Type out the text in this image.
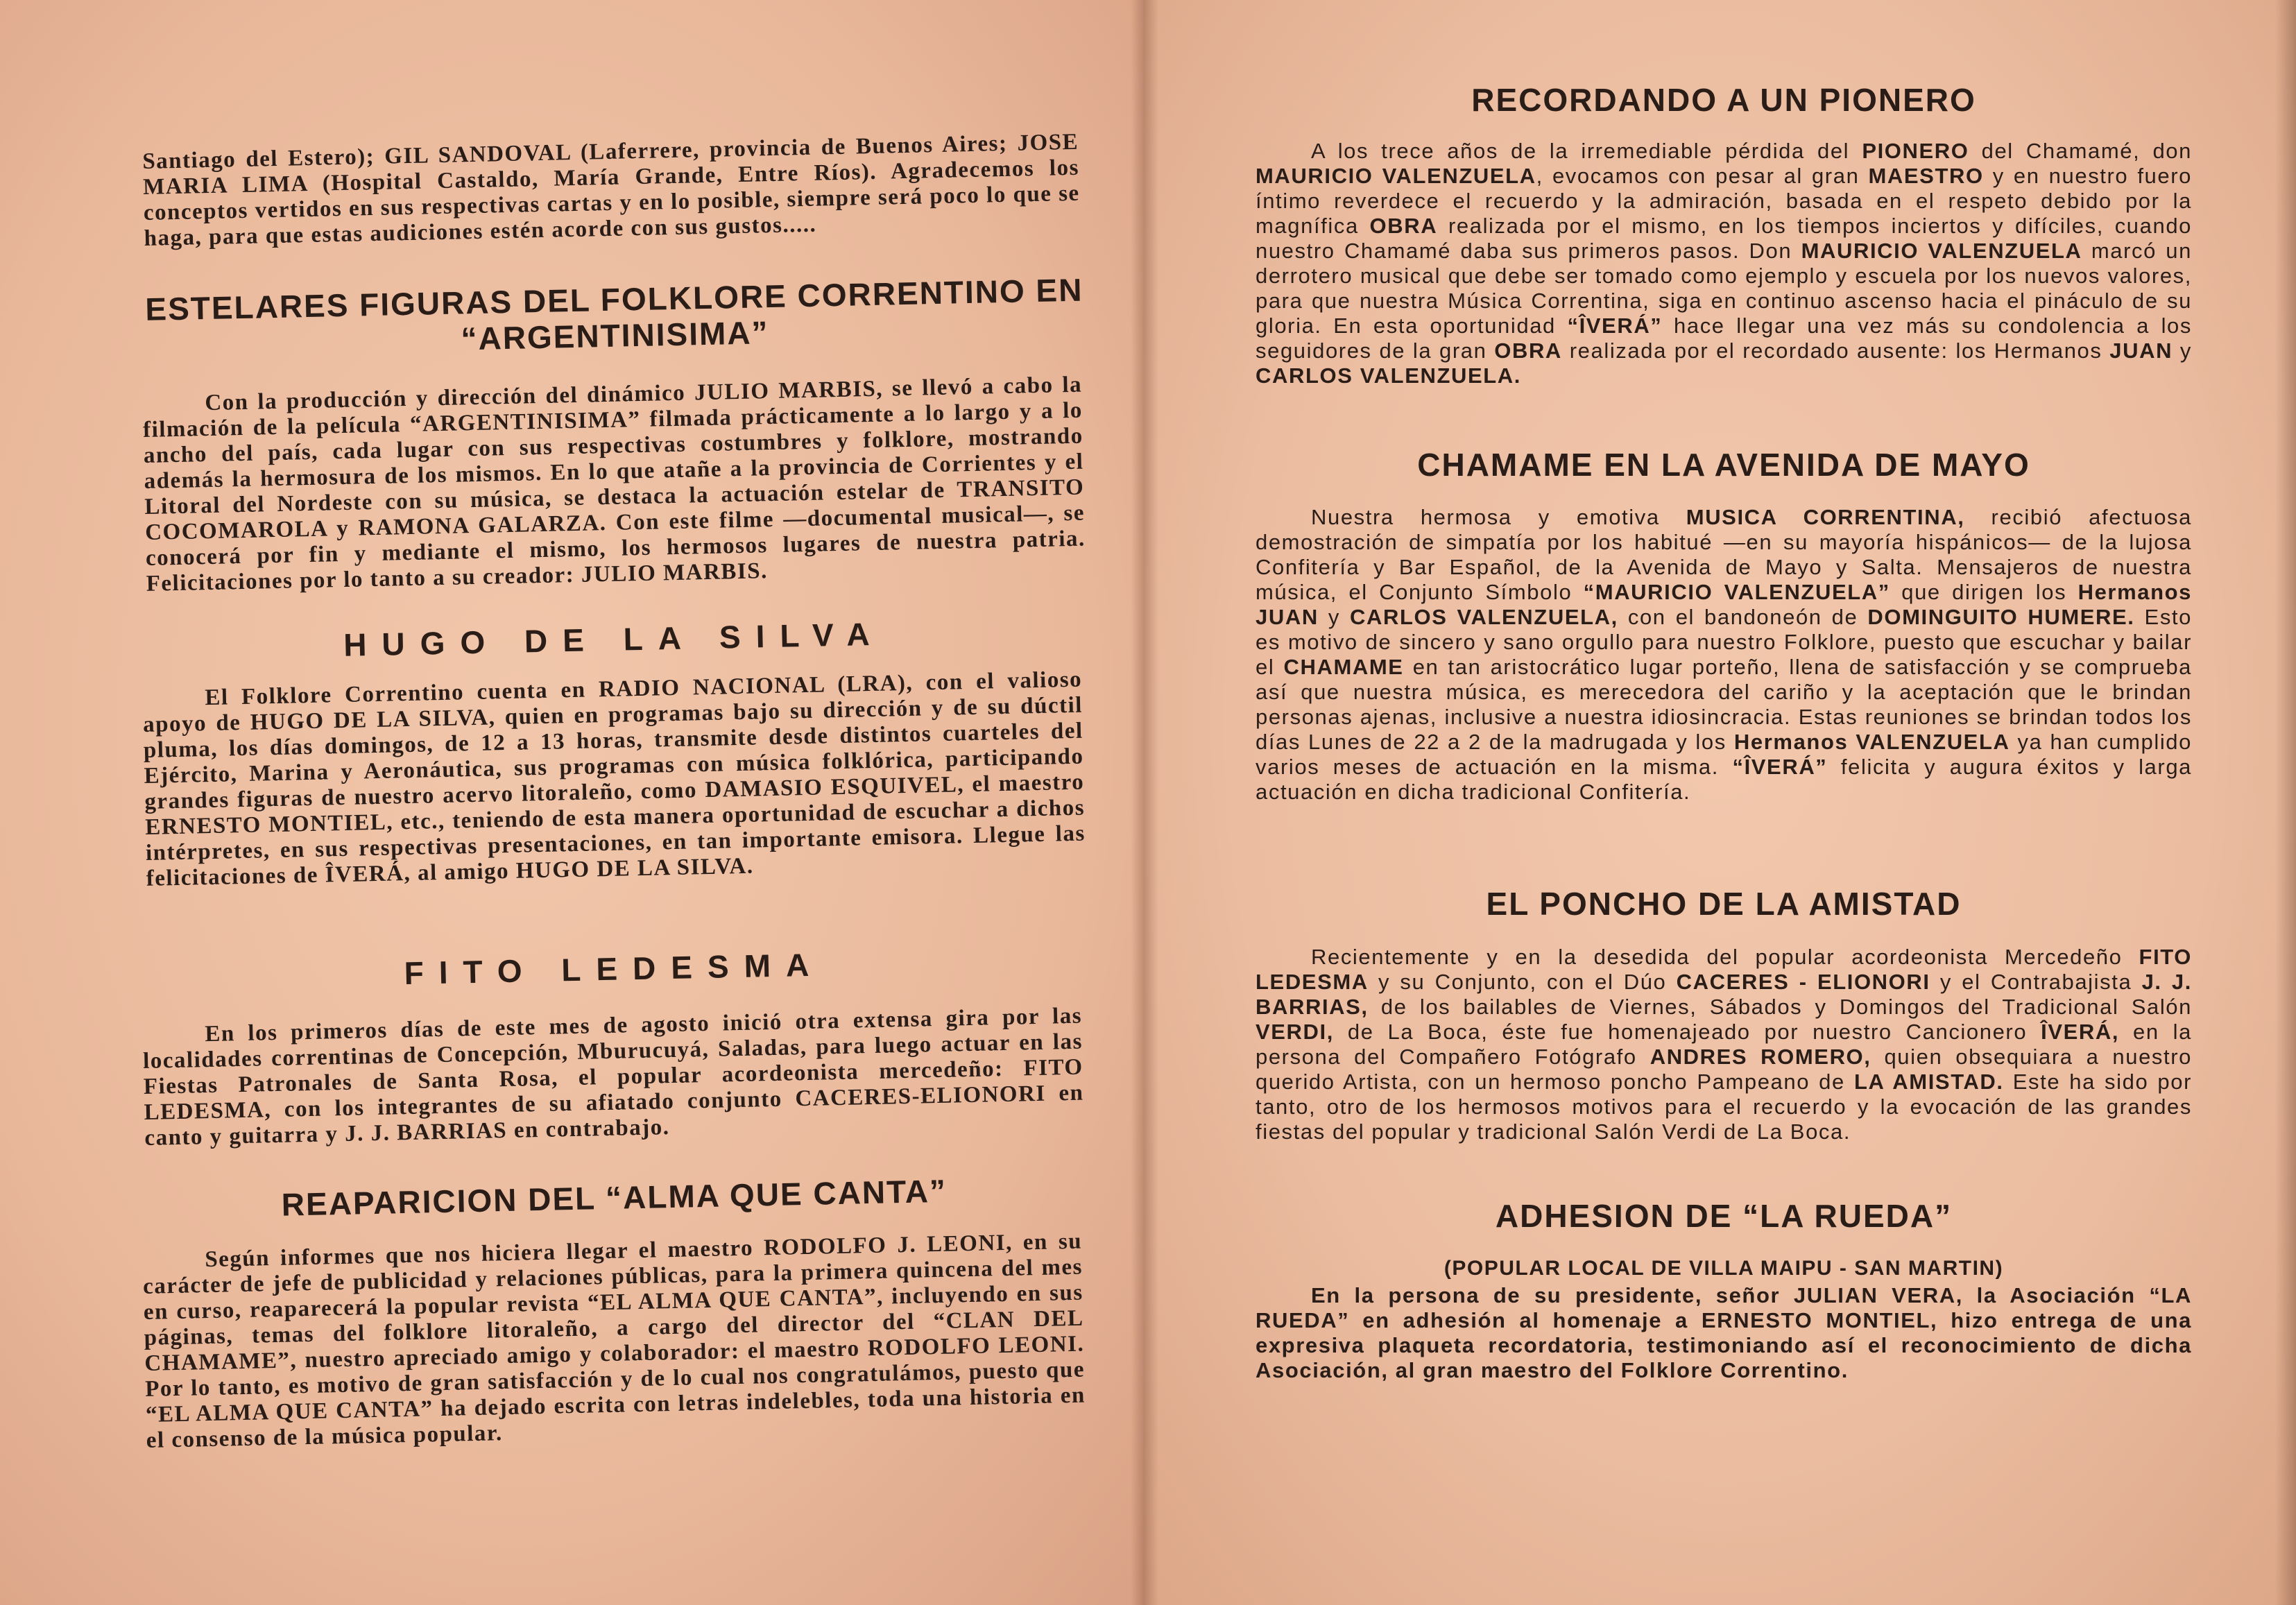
Santiago del Estero); GIL SANDOVAL (Laferrere, provincia de Buenos Aires; JOSE MARIA LIMA (Hospital Castaldo, María Grande, Entre Ríos). Agradecemos los conceptos vertidos en sus respectivas cartas y en lo posible, siempre será poco lo que se haga, para que estas audiciones estén acorde con sus gustos.....
ESTELARES FIGURAS DEL FOLKLORE CORRENTINO EN “ARGENTINISIMA”
Con la producción y dirección del dinámico JULIO MARBIS, se llevó a cabo la filmación de la película “ARGENTINISIMA” filmada prácticamente a lo largo y a lo ancho del país, cada lugar con sus respectivas costumbres y folklore, mostrando además la hermosura de los mismos. En lo que atañe a la provincia de Corrientes y el Litoral del Nordeste con su música, se destaca la actuación estelar de TRANSITO COCOMAROLA y RAMONA GALARZA. Con este filme —documental musical—, se conocerá por fin y mediante el mismo, los hermosos lugares de nuestra patria. Felicitaciones por lo tanto a su creador: JULIO MARBIS.
HUGO DE LA SILVA
El Folklore Correntino cuenta en RADIO NACIONAL (LRA), con el valioso apoyo de HUGO DE LA SILVA, quien en programas bajo su dirección y de su dúctil pluma, los días domingos, de 12 a 13 horas, transmite desde distintos cuarteles del Ejército, Marina y Aeronáutica, sus programas con música folklórica, participando grandes figuras de nuestro acervo litoraleño, como DAMASIO ESQUIVEL, el maestro ERNESTO MONTIEL, etc., teniendo de esta manera oportunidad de escuchar a dichos intérpretes, en sus respectivas presentaciones, en tan importante emisora. Llegue las felicitaciones de ÎVERÁ, al amigo HUGO DE LA SILVA.
FITO LEDESMA
En los primeros días de este mes de agosto inició otra extensa gira por las localidades correntinas de Concepción, Mburucuyá, Saladas, para luego actuar en las Fiestas Patronales de Santa Rosa, el popular acordeonista mercedeño: FITO LEDESMA, con los integrantes de su afiatado conjunto CACERES-ELIONORI en canto y guitarra y J. J. BARRIAS en contrabajo.
REAPARICION DEL “ALMA QUE CANTA”
Según informes que nos hiciera llegar el maestro RODOLFO J. LEONI, en su carácter de jefe de publicidad y relaciones públicas, para la primera quincena del mes en curso, reaparecerá la popular revista “EL ALMA QUE CANTA”, incluyendo en sus páginas, temas del folklore litoraleño, a cargo del director del “CLAN DEL CHAMAME”, nuestro apreciado amigo y colaborador: el maestro RODOLFO LEONI. Por lo tanto, es motivo de gran satisfacción y de lo cual nos congratulámos, puesto que “EL ALMA QUE CANTA” ha dejado escrita con letras indelebles, toda una historia en el consenso de la música popular.
RECORDANDO A UN PIONERO
A los trece años de la irremediable pérdida del PIONERO del Chamamé, don MAURICIO VALENZUELA, evocamos con pesar al gran MAESTRO y en nuestro fuero íntimo reverdece el recuerdo y la admiración, basada en el respeto debido por la magnífica OBRA realizada por el mismo, en los tiempos inciertos y difíciles, cuando nuestro Chamamé daba sus primeros pasos. Don MAURICIO VALENZUELA marcó un derrotero musical que debe ser tomado como ejemplo y escuela por los nuevos valores, para que nuestra Música Correntina, siga en continuo ascenso hacia el pináculo de su gloria. En esta oportunidad “ÎVERÁ” hace llegar una vez más su condolencia a los seguidores de la gran OBRA realizada por el recordado ausente: los Hermanos JUAN y CARLOS VALENZUELA.
CHAMAME EN LA AVENIDA DE MAYO
Nuestra hermosa y emotiva MUSICA CORRENTINA, recibió afectuosa demostración de simpatía por los habitué —en su mayoría hispánicos— de la lujosa Confitería y Bar Español, de la Avenida de Mayo y Salta. Mensajeros de nuestra música, el Conjunto Símbolo “MAURICIO VALENZUELA” que dirigen los Hermanos JUAN y CARLOS VALENZUELA, con el bandoneón de DOMINGUITO HUMERE. Esto es motivo de sincero y sano orgullo para nuestro Folklore, puesto que escuchar y bailar el CHAMAME en tan aristocrático lugar porteño, llena de satisfacción y se comprueba así que nuestra música, es merecedora del cariño y la aceptación que le brindan personas ajenas, inclusive a nuestra idiosincracia. Estas reuniones se brindan todos los días Lunes de 22 a 2 de la madrugada y los Hermanos VALENZUELA ya han cumplido varios meses de actuación en la misma. “ÎVERÁ” felicita y augura éxitos y larga actuación en dicha tradicional Confitería.
EL PONCHO DE LA AMISTAD
Recientemente y en la desedida del popular acordeonista Mercedeño FITO LEDESMA y su Conjunto, con el Dúo CACERES - ELIONORI y el Contrabajista J. J. BARRIAS, de los bailables de Viernes, Sábados y Domingos del Tradicional Salón VERDI, de La Boca, éste fue homenajeado por nuestro Cancionero ÎVERÁ, en la persona del Compañero Fotógrafo ANDRES ROMERO, quien obsequiara a nuestro querido Artista, con un hermoso poncho Pampeano de LA AMISTAD. Este ha sido por tanto, otro de los hermosos motivos para el recuerdo y la evocación de las grandes fiestas del popular y tradicional Salón Verdi de La Boca.
ADHESION DE “LA RUEDA”
(POPULAR LOCAL DE VILLA MAIPU - SAN MARTIN)
En la persona de su presidente, señor JULIAN VERA, la Asociación “LA RUEDA” en adhesión al homenaje a ERNESTO MONTIEL, hizo entrega de una expresiva plaqueta recordatoria, testimoniando así el reconocimiento de dicha Asociación, al gran maestro del Folklore Correntino.
